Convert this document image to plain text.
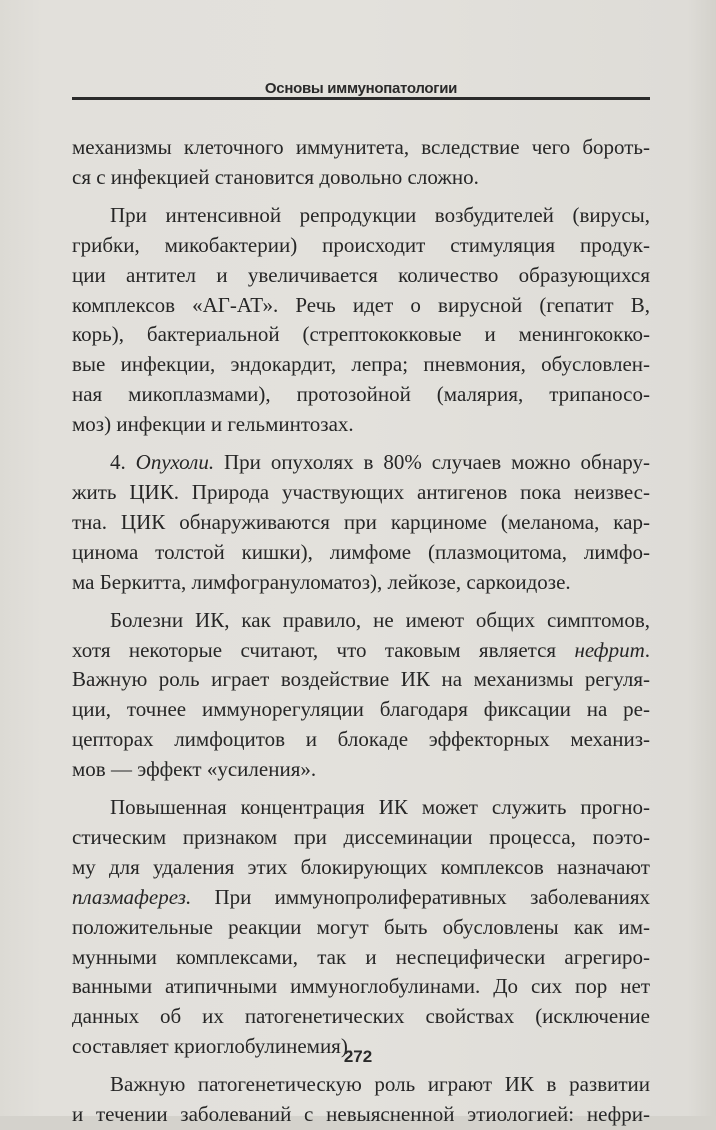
Основы иммунопатологии
механизмы клеточного иммунитета, вследствие чего бороть-
ся с инфекцией становится довольно сложно.
При интенсивной репродукции возбудителей (вирусы,
грибки, микобактерии) происходит стимуляция продук-
ции антител и увеличивается количество образующихся
комплексов «АГ-АТ». Речь идет о вирусной (гепатит В,
корь), бактериальной (стрептококковые и менингококко-
вые инфекции, эндокардит, лепра; пневмония, обусловлен-
ная микоплазмами), протозойной (малярия, трипаносо-
моз) инфекции и гельминтозах.
4. Опухоли. При опухолях в 80% случаев можно обнару-
жить ЦИК. Природа участвующих антигенов пока неизвес-
тна. ЦИК обнаруживаются при карциноме (меланома, кар-
цинома толстой кишки), лимфоме (плазмоцитома, лимфо-
ма Беркитта, лимфогрануломатоз), лейкозе, саркоидозе.
Болезни ИК, как правило, не имеют общих симптомов,
хотя некоторые считают, что таковым является нефрит.
Важную роль играет воздействие ИК на механизмы регуля-
ции, точнее иммунорегуляции благодаря фиксации на ре-
цепторах лимфоцитов и блокаде эффекторных механиз-
мов — эффект «усиления».
Повышенная концентрация ИК может служить прогно-
стическим признаком при диссеминации процесса, поэто-
му для удаления этих блокирующих комплексов назначают
плазмаферез. При иммунопролиферативных заболеваниях
положительные реакции могут быть обусловлены как им-
мунными комплексами, так и неспецифически агрегиро-
ванными атипичными иммуноглобулинами. До сих пор нет
данных об их патогенетических свойствах (исключение
составляет криоглобулинемия).
Важную патогенетическую роль играют ИК в развитии
и течении заболеваний с невыясненной этиологией: нефри-
272
